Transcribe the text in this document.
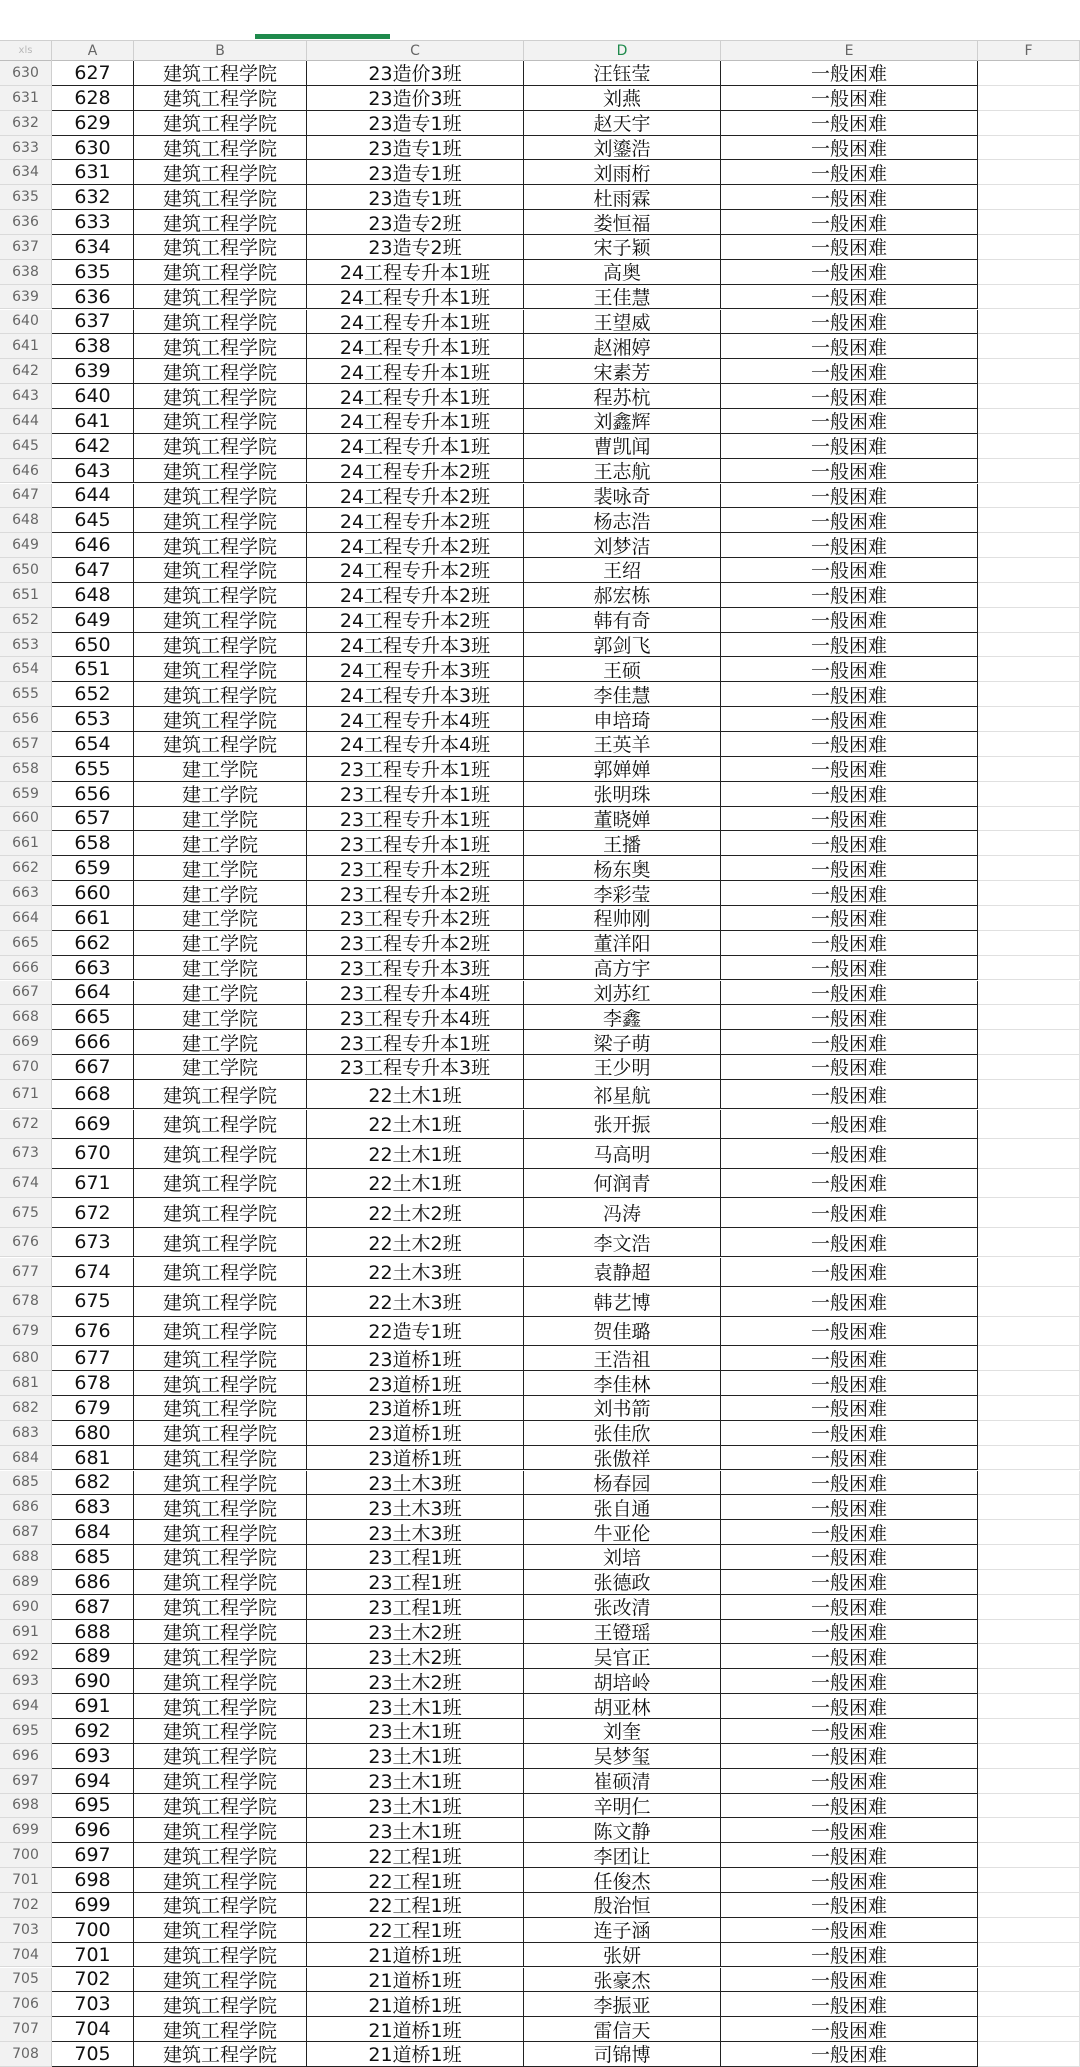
xls	A	B	C	D	E	F
630	627	建筑工程学院	23造价3班	汪钰莹	一般困难
631	628	建筑工程学院	23造价3班	刘燕	一般困难
632	629	建筑工程学院	23造专1班	赵天宇	一般困难
633	630	建筑工程学院	23造专1班	刘鎏浩	一般困难
634	631	建筑工程学院	23造专1班	刘雨桁	一般困难
635	632	建筑工程学院	23造专1班	杜雨霖	一般困难
636	633	建筑工程学院	23造专2班	娄恒福	一般困难
637	634	建筑工程学院	23造专2班	宋子颖	一般困难
638	635	建筑工程学院	24工程专升本1班	高奥	一般困难
639	636	建筑工程学院	24工程专升本1班	王佳慧	一般困难
640	637	建筑工程学院	24工程专升本1班	王望威	一般困难
641	638	建筑工程学院	24工程专升本1班	赵湘婷	一般困难
642	639	建筑工程学院	24工程专升本1班	宋素芳	一般困难
643	640	建筑工程学院	24工程专升本1班	程苏杭	一般困难
644	641	建筑工程学院	24工程专升本1班	刘鑫辉	一般困难
645	642	建筑工程学院	24工程专升本1班	曹凯闻	一般困难
646	643	建筑工程学院	24工程专升本2班	王志航	一般困难
647	644	建筑工程学院	24工程专升本2班	裴咏奇	一般困难
648	645	建筑工程学院	24工程专升本2班	杨志浩	一般困难
649	646	建筑工程学院	24工程专升本2班	刘梦洁	一般困难
650	647	建筑工程学院	24工程专升本2班	王绍	一般困难
651	648	建筑工程学院	24工程专升本2班	郝宏栋	一般困难
652	649	建筑工程学院	24工程专升本2班	韩有奇	一般困难
653	650	建筑工程学院	24工程专升本3班	郭剑飞	一般困难
654	651	建筑工程学院	24工程专升本3班	王硕	一般困难
655	652	建筑工程学院	24工程专升本3班	李佳慧	一般困难
656	653	建筑工程学院	24工程专升本4班	申培琦	一般困难
657	654	建筑工程学院	24工程专升本4班	王英羊	一般困难
658	655	建工学院	23工程专升本1班	郭婵婵	一般困难
659	656	建工学院	23工程专升本1班	张明珠	一般困难
660	657	建工学院	23工程专升本1班	董晓婵	一般困难
661	658	建工学院	23工程专升本1班	王播	一般困难
662	659	建工学院	23工程专升本2班	杨东奥	一般困难
663	660	建工学院	23工程专升本2班	李彩莹	一般困难
664	661	建工学院	23工程专升本2班	程帅刚	一般困难
665	662	建工学院	23工程专升本2班	董洋阳	一般困难
666	663	建工学院	23工程专升本3班	高方宇	一般困难
667	664	建工学院	23工程专升本4班	刘苏红	一般困难
668	665	建工学院	23工程专升本4班	李鑫	一般困难
669	666	建工学院	23工程专升本1班	梁子萌	一般困难
670	667	建工学院	23工程专升本3班	王少明	一般困难
671	668	建筑工程学院	22土木1班	祁星航	一般困难
672	669	建筑工程学院	22土木1班	张开振	一般困难
673	670	建筑工程学院	22土木1班	马高明	一般困难
674	671	建筑工程学院	22土木1班	何润青	一般困难
675	672	建筑工程学院	22土木2班	冯涛	一般困难
676	673	建筑工程学院	22土木2班	李文浩	一般困难
677	674	建筑工程学院	22土木3班	袁静超	一般困难
678	675	建筑工程学院	22土木3班	韩艺博	一般困难
679	676	建筑工程学院	22造专1班	贺佳璐	一般困难
680	677	建筑工程学院	23道桥1班	王浩祖	一般困难
681	678	建筑工程学院	23道桥1班	李佳林	一般困难
682	679	建筑工程学院	23道桥1班	刘书箭	一般困难
683	680	建筑工程学院	23道桥1班	张佳欣	一般困难
684	681	建筑工程学院	23道桥1班	张傲祥	一般困难
685	682	建筑工程学院	23土木3班	杨春园	一般困难
686	683	建筑工程学院	23土木3班	张自通	一般困难
687	684	建筑工程学院	23土木3班	牛亚伦	一般困难
688	685	建筑工程学院	23工程1班	刘培	一般困难
689	686	建筑工程学院	23工程1班	张德政	一般困难
690	687	建筑工程学院	23工程1班	张改清	一般困难
691	688	建筑工程学院	23土木2班	王镫瑶	一般困难
692	689	建筑工程学院	23土木2班	吴官正	一般困难
693	690	建筑工程学院	23土木2班	胡培岭	一般困难
694	691	建筑工程学院	23土木1班	胡亚林	一般困难
695	692	建筑工程学院	23土木1班	刘奎	一般困难
696	693	建筑工程学院	23土木1班	吴梦玺	一般困难
697	694	建筑工程学院	23土木1班	崔硕清	一般困难
698	695	建筑工程学院	23土木1班	辛明仁	一般困难
699	696	建筑工程学院	23土木1班	陈文静	一般困难
700	697	建筑工程学院	22工程1班	李团让	一般困难
701	698	建筑工程学院	22工程1班	任俊杰	一般困难
702	699	建筑工程学院	22工程1班	殷治恒	一般困难
703	700	建筑工程学院	22工程1班	连子涵	一般困难
704	701	建筑工程学院	21道桥1班	张妍	一般困难
705	702	建筑工程学院	21道桥1班	张豪杰	一般困难
706	703	建筑工程学院	21道桥1班	李振亚	一般困难
707	704	建筑工程学院	21道桥1班	雷信天	一般困难
708	705	建筑工程学院	21道桥1班	司锦博	一般困难
